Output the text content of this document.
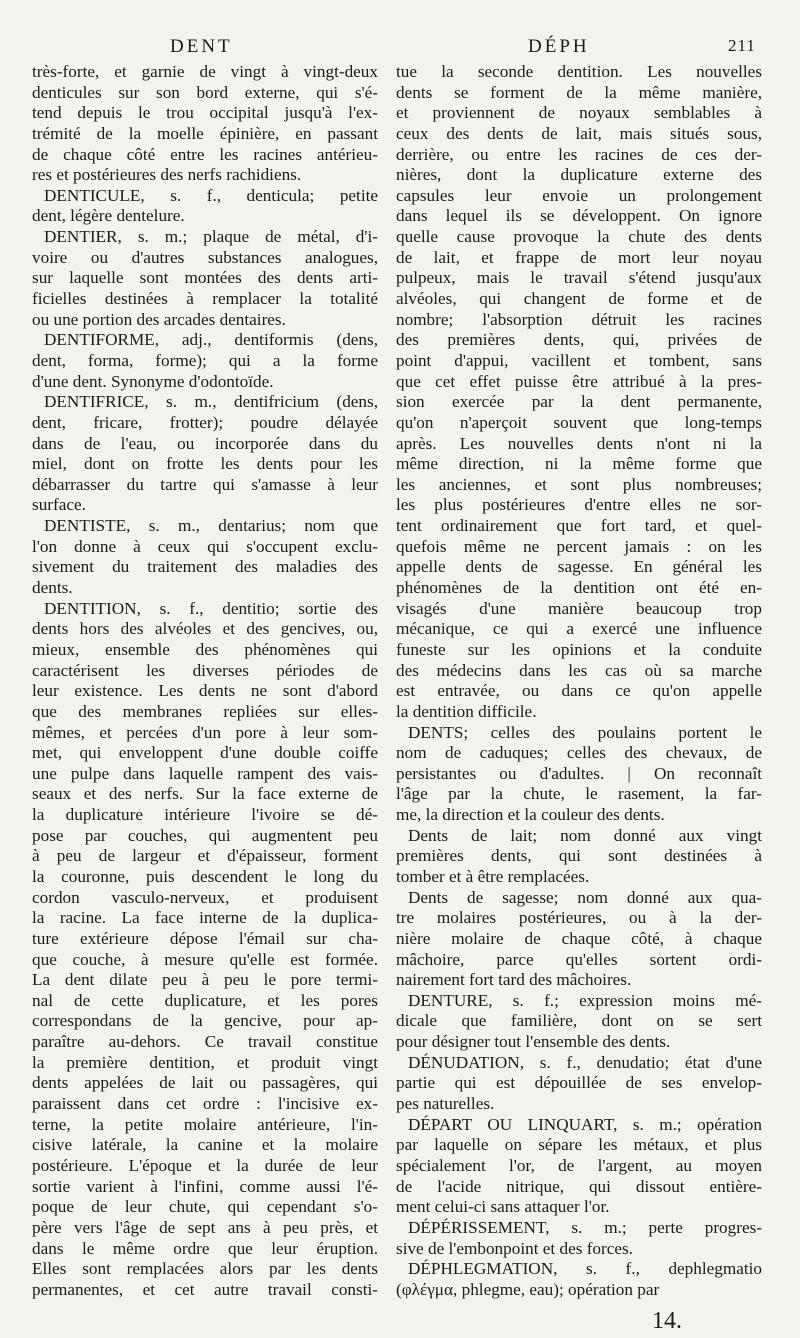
DENT	DÉPH	211
très-forte, et garnie de vingt à vingt-deux
denticules sur son bord externe, qui s'é-
tend depuis le trou occipital jusqu'à l'ex-
trémité de la moelle épinière, en passant
de chaque côté entre les racines antérieu-
res et postérieures des nerfs rachidiens.
DENTICULE, s. f., denticula; petite
dent, légère dentelure.
DENTIER, s. m.; plaque de métal, d'i-
voire ou d'autres substances analogues,
sur laquelle sont montées des dents arti-
ficielles destinées à remplacer la totalité
ou une portion des arcades dentaires.
DENTIFORME, adj., dentiformis (dens,
dent, forma, forme); qui a la forme
d'une dent. Synonyme d'odontoïde.
DENTIFRICE, s. m., dentifricium (dens,
dent, fricare, frotter); poudre délayée
dans de l'eau, ou incorporée dans du
miel, dont on frotte les dents pour les
débarrasser du tartre qui s'amasse à leur
surface.
DENTISTE, s. m., dentarius; nom que
l'on donne à ceux qui s'occupent exclu-
sivement du traitement des maladies des
dents.
DENTITION, s. f., dentitio; sortie des
dents hors des alvéoles et des gencives, ou,
mieux, ensemble des phénomènes qui
caractérisent les diverses périodes de
leur existence. Les dents ne sont d'abord
que des membranes repliées sur elles-
mêmes, et percées d'un pore à leur som-
met, qui enveloppent d'une double coiffe
une pulpe dans laquelle rampent des vais-
seaux et des nerfs. Sur la face externe de
la duplicature intérieure l'ivoire se dé-
pose par couches, qui augmentent peu
à peu de largeur et d'épaisseur, forment
la couronne, puis descendent le long du
cordon vasculo-nerveux, et produisent
la racine. La face interne de la duplica-
ture extérieure dépose l'émail sur cha-
que couche, à mesure qu'elle est formée.
La dent dilate peu à peu le pore termi-
nal de cette duplicature, et les pores
correspondans de la gencive, pour ap-
paraître au-dehors. Ce travail constitue
la première dentition, et produit vingt
dents appelées de lait ou passagères, qui
paraissent dans cet ordre : l'incisive ex-
terne, la petite molaire antérieure, l'in-
cisive latérale, la canine et la molaire
postérieure. L'époque et la durée de leur
sortie varient à l'infini, comme aussi l'é-
poque de leur chute, qui cependant s'o-
père vers l'âge de sept ans à peu près, et
dans le même ordre que leur éruption.
Elles sont remplacées alors par les dents
permanentes, et cet autre travail consti-
tue la seconde dentition. Les nouvelles
dents se forment de la même manière,
et proviennent de noyaux semblables à
ceux des dents de lait, mais situés sous,
derrière, ou entre les racines de ces der-
nières, dont la duplicature externe des
capsules leur envoie un prolongement
dans lequel ils se développent. On ignore
quelle cause provoque la chute des dents
de lait, et frappe de mort leur noyau
pulpeux, mais le travail s'étend jusqu'aux
alvéoles, qui changent de forme et de
nombre; l'absorption détruit les racines
des premières dents, qui, privées de
point d'appui, vacillent et tombent, sans
que cet effet puisse être attribué à la pres-
sion exercée par la dent permanente,
qu'on n'aperçoit souvent que long-temps
après. Les nouvelles dents n'ont ni la
même direction, ni la même forme que
les anciennes, et sont plus nombreuses;
les plus postérieures d'entre elles ne sor-
tent ordinairement que fort tard, et quel-
quefois même ne percent jamais : on les
appelle dents de sagesse. En général les
phénomènes de la dentition ont été en-
visagés d'une manière beaucoup trop
mécanique, ce qui a exercé une influence
funeste sur les opinions et la conduite
des médecins dans les cas où sa marche
est entravée, ou dans ce qu'on appelle
la dentition difficile.
DENTS; celles des poulains portent le
nom de caduques; celles des chevaux, de
persistantes ou d'adultes. | On reconnaît
l'âge par la chute, le rasement, la far-
me, la direction et la couleur des dents.
Dents de lait; nom donné aux vingt
premières dents, qui sont destinées à
tomber et à être remplacées.
Dents de sagesse; nom donné aux qua-
tre molaires postérieures, ou à la der-
nière molaire de chaque côté, à chaque
mâchoire, parce qu'elles sortent ordi-
nairement fort tard des mâchoires.
DENTURE, s. f.; expression moins mé-
dicale que familière, dont on se sert
pour désigner tout l'ensemble des dents.
DÉNUDATION, s. f., denudatio; état d'une
partie qui est dépouillée de ses envelop-
pes naturelles.
DÉPART OU LINQUART, s. m.; opération
par laquelle on sépare les métaux, et plus
spécialement l'or, de l'argent, au moyen
de l'acide nitrique, qui dissout entière-
ment celui-ci sans attaquer l'or.
DÉPÉRISSEMENT, s. m.; perte progres-
sive de l'embonpoint et des forces.
DÉPHLEGMATION, s. f., dephlegmatio
(φλέγμα, phlegme, eau); opération par
14.
